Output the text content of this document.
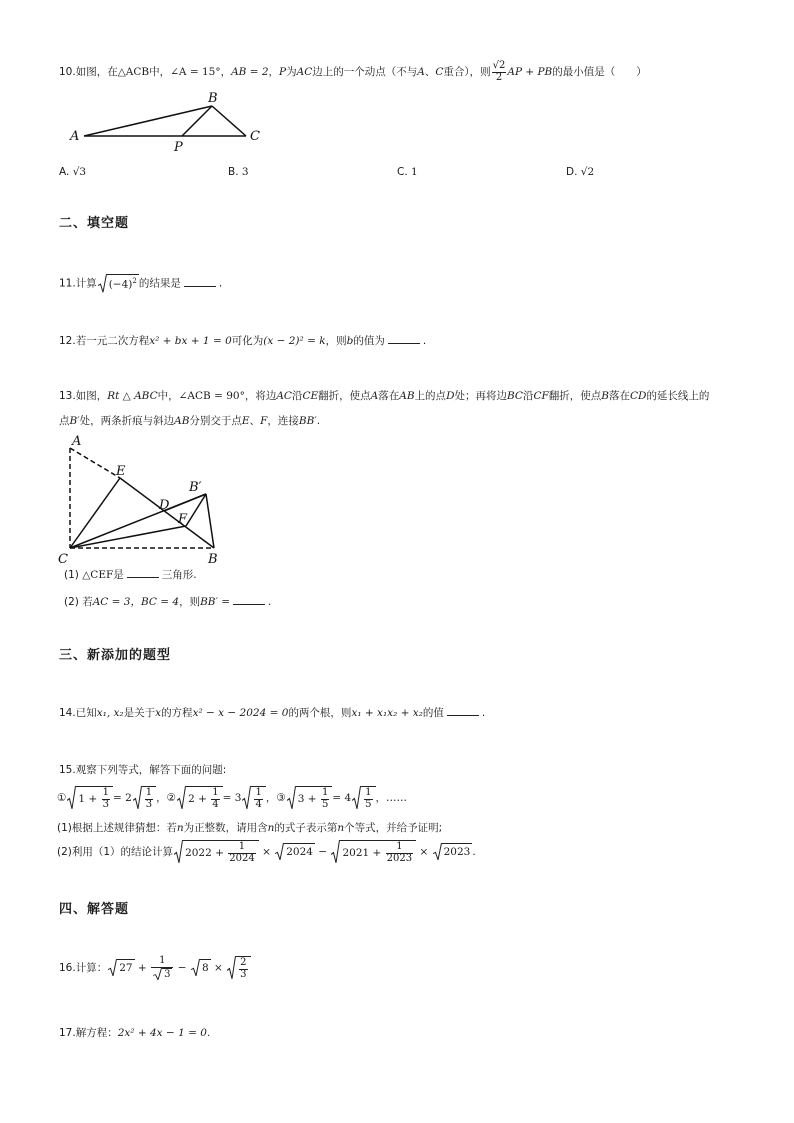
10.如图，在△ACB中，∠A = 15°，AB = 2，P为AC边上的一个动点（不与A、C重合），则 $\frac{√2}{2}$ AP + PB的最小值是（　　）
A
B
C
P
A. √3	B. 3	C. 1	D. √2
二、填空题
11.计算 $(-4)^2$ 的结果是	.
12.若一元二次方程x² + bx + 1 = 0可化为(x − 2)² = k，则b的值为	.
13.如图，Rt △ ABC中，∠ACB = 90°，将边AC沿CE翻折，使点A落在AB上的点D处；再将边BC沿CF翻折，使点B落在CD的延长线上的
点B′处，两条折痕与斜边AB分别交于点E、F，连接BB′.
A
E
D
B′
F
C	B
(1) △CEF是	三角形.
(2) 若AC = 3，BC = 4，则BB′ =	.
三、新添加的题型
14.已知x₁, x₂是关于x的方程x² − x − 2024 = 0的两个根，则x₁ + x₁x₂ + x₂的值	.
15.观察下列等式，解答下面的问题:
① $1 + \frac{1}{3} = 2 \frac{1}{3}$ ，② $2 + \frac{1}{4} = 3 \frac{1}{4}$ ，③ $3 + \frac{1}{5} = 4 \frac{1}{5}$ ，……
(1)根据上述规律猜想：若n为正整数，请用含n的式子表示第n个等式，并给予证明;
(2)利用（1）的结论计算 $2022 + \frac{1}{2024} \times 2024 - 2021 + \frac{1}{2023} \times 2023$ .
四、解答题
16.计算： $27 + \frac{1}{3} - 8 \times \frac{2}{3}$
17.解方程：2x² + 4x − 1 = 0.
